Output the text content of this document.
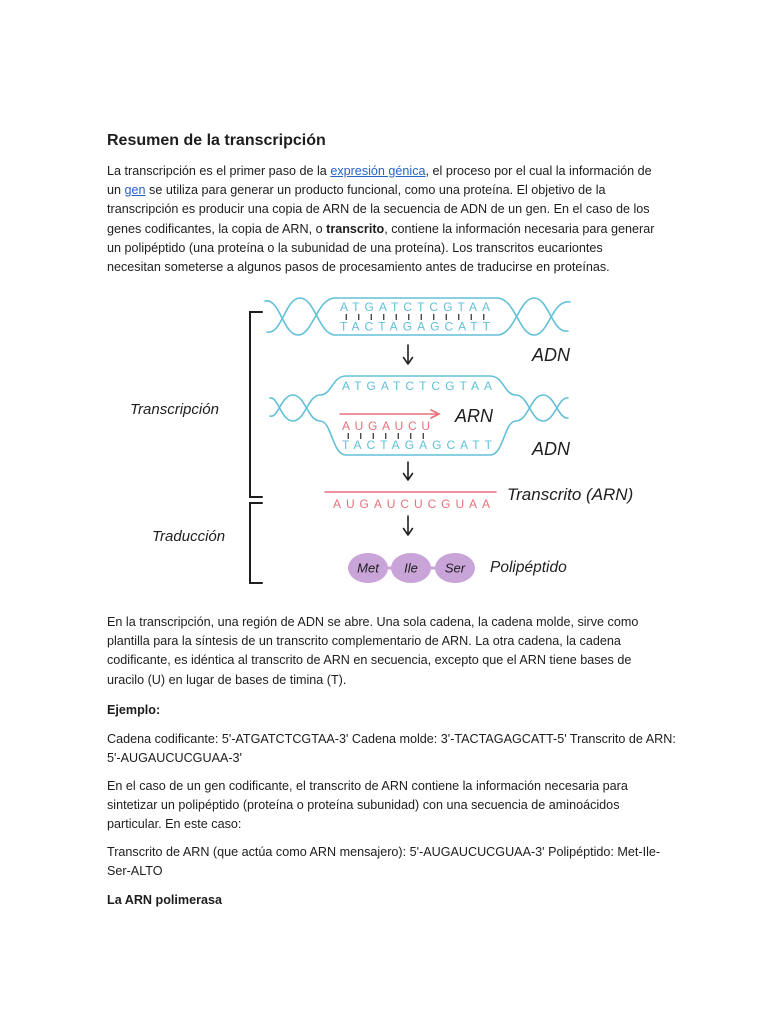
Resumen de la transcripción
La transcripción es el primer paso de la expresión génica, el proceso por el cual la información de
un gen se utiliza para generar un producto funcional, como una proteína. El objetivo de la
transcripción es producir una copia de ARN de la secuencia de ADN de un gen. En el caso de los
genes codificantes, la copia de ARN, o transcrito, contiene la información necesaria para generar
un polipéptido (una proteína o la subunidad de una proteína). Los transcritos eucariontes
necesitan someterse a algunos pasos de procesamiento antes de traducirse en proteínas.
Transcripción
Traducción
ATGATCTCGTAA
TACTAGAGCATT
ADN
ATGATCTCGTAA
AUGAUCU
TACTAGAGCATT
ARN
ADN
AUGAUCUCGUAA Transcrito (ARN)
Met Ile Ser Polipéptido
En la transcripción, una región de ADN se abre. Una sola cadena, la cadena molde, sirve como
plantilla para la síntesis de un transcrito complementario de ARN. La otra cadena, la cadena
codificante, es idéntica al transcrito de ARN en secuencia, excepto que el ARN tiene bases de
uracilo (U) en lugar de bases de timina (T).
Ejemplo:
Cadena codificante: 5'-ATGATCTCGTAA-3' Cadena molde: 3'-TACTAGAGCATT-5' Transcrito de ARN:
5'-AUGAUCUCGUAA-3'
En el caso de un gen codificante, el transcrito de ARN contiene la información necesaria para
sintetizar un polipéptido (proteína o proteína subunidad) con una secuencia de aminoácidos
particular. En este caso:
Transcrito de ARN (que actúa como ARN mensajero): 5'-AUGAUCUCGUAA-3' Polipéptido: Met-Ile-
Ser-ALTO
La ARN polimerasa
